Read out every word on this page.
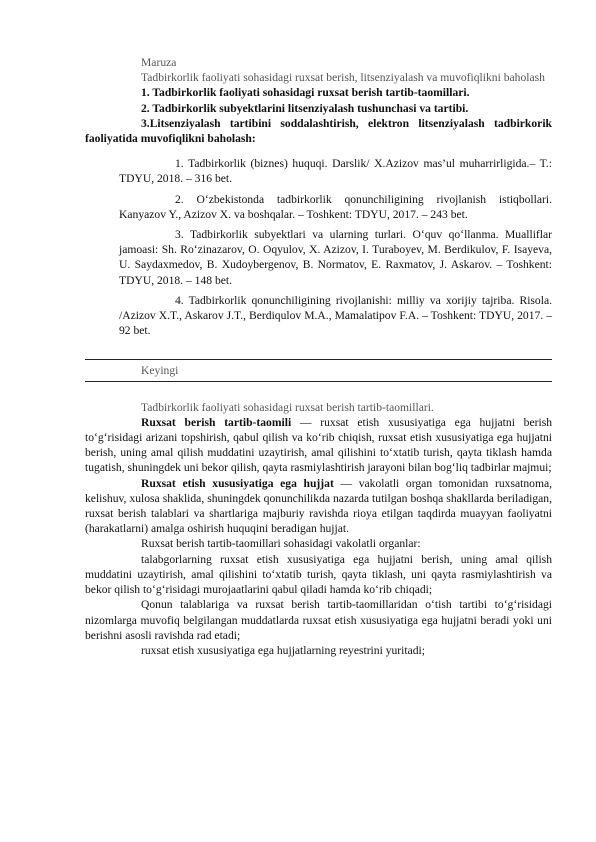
Maruza

Tadbirkorlik faoliyati sohasidagi ruxsat berish, litsenziyalash va muvofiqlikni baholash

1. Tadbirkorlik faoliyati sohasidagi ruxsat berish tartib-taomillari.

2. Tadbirkorlik subyektlarini litsenziyalash tushunchasi va tartibi.

3.Litsenziyalash tartibini soddalashtirish, elektron litsenziyalash tadbirkorik faoliyatida muvofiqlikni baholash:

1. Tadbirkorlik (biznes) huquqi. Darslik/ X.Azizov mas’ul muharrirligida.– T.: TDYU, 2018. – 316 bet.

2. O‘zbekistonda tadbirkorlik qonunchiligining rivojlanish istiqbollari. Kanyazov Y., Azizov X. va boshqalar. – Toshkent: TDYU, 2017. – 243 bet.

3. Tadbirkorlik subyektlari va ularning turlari. O‘quv qo‘llanma. Mualliflar jamoasi: Sh. Ro‘zinazarov, O. Oqyulov, X. Azizov, I. Turaboyev, M. Berdikulov, F. Isayeva, U. Saydaxmedov, B. Xudoybergenov, B. Normatov, E. Raxmatov, J. Askarov. – Toshkent: TDYU, 2018. – 148 bet.

4. Tadbirkorlik qonunchiligining rivojlanishi: milliy va xorijiy tajriba. Risola. /Azizov X.T., Askarov J.T., Berdiqulov M.A., Mamalatipov F.A. – Toshkent: TDYU, 2017. – 92 bet.

Keyingi

Tadbirkorlik faoliyati sohasidagi ruxsat berish tartib-taomillari.

Ruxsat berish tartib-taomili — ruxsat etish xususiyatiga ega hujjatni berish to‘g‘risidagi arizani topshirish, qabul qilish va ko‘rib chiqish, ruxsat etish xususiyatiga ega hujjatni berish, uning amal qilish muddatini uzaytirish, amal qilishini to‘xtatib turish, qayta tiklash hamda tugatish, shuningdek uni bekor qilish, qayta rasmiylashtirish jarayoni bilan bog‘liq tadbirlar majmui;

Ruxsat etish xususiyatiga ega hujjat — vakolatli organ tomonidan ruxsatnoma, kelishuv, xulosa shaklida, shuningdek qonunchilikda nazarda tutilgan boshqa shakllarda beriladigan, ruxsat berish talablari va shartlariga majburiy ravishda rioya etilgan taqdirda muayyan faoliyatni (harakatlarni) amalga oshirish huquqini beradigan hujjat.

Ruxsat berish tartib-taomillari sohasidagi vakolatli organlar:

talabgorlarning ruxsat etish xususiyatiga ega hujjatni berish, uning amal qilish muddatini uzaytirish, amal qilishini to‘xtatib turish, qayta tiklash, uni qayta rasmiylashtirish va bekor qilish to‘g‘risidagi murojaatlarini qabul qiladi hamda ko‘rib chiqadi;

Qonun talablariga va ruxsat berish tartib-taomillaridan o‘tish tartibi to‘g‘risidagi nizomlarga muvofiq belgilangan muddatlarda ruxsat etish xususiyatiga ega hujjatni beradi yoki uni berishni asosli ravishda rad etadi;

ruxsat etish xususiyatiga ega hujjatlarning reyestrini yuritadi;
